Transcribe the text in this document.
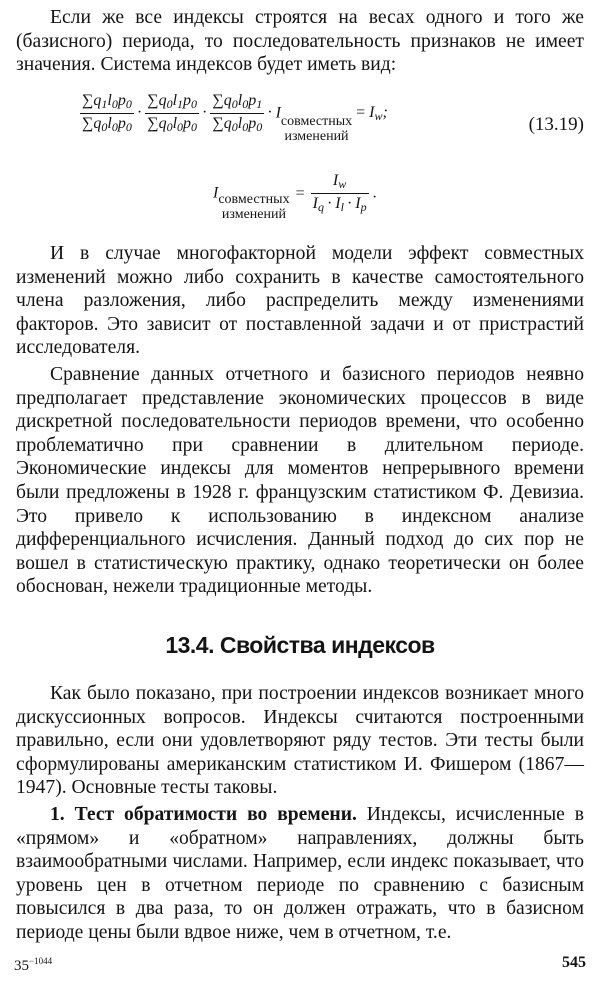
Если же все индексы строятся на весах одного и того же (базисного) периода, то последовательность признаков не имеет значения. Система индексов будет иметь вид:

$\frac{\sum q_1l_0p_0}{\sum q_0l_0p_0} \cdot \frac{\sum q_0l_1p_0}{\sum q_0l_0p_0} \cdot \frac{\sum q_0l_0p_1}{\sum q_0l_0p_0}$ · Iсовместных
изменений = $I_w$;
(13.19)
Iсовместных
изменений= $\frac{I_w}{I_q \cdot I_l \cdot I_p}$ .

И в случае многофакторной модели эффект совместных изменений можно либо сохранить в качестве самостоятельного члена разложения, либо распределить между изменениями факторов. Это зависит от поставленной задачи и от пристрастий исследователя.

Сравнение данных отчетного и базисного периодов неявно предполагает представление экономических процессов в виде дискретной последовательности периодов времени, что особенно проблематично при сравнении в длительном периоде. Экономические индексы для моментов непрерывного времени были предложены в 1928 г. французским статистиком Ф. Девизиа. Это привело к использованию в индексном анализе дифференциального исчисления. Данный подход до сих пор не вошел в статистическую практику, однако теоретически он более обоснован, нежели традиционные методы.

13.4. Свойства индексов

Как было показано, при построении индексов возникает много дискуссионных вопросов. Индексы считаются построенными правильно, если они удовлетворяют ряду тестов. Эти тесты были сформулированы американским статистиком И. Фишером (1867—1947). Основные тесты таковы.

1. Тест обратимости во времени. Индексы, исчисленные в «прямом» и «обратном» направлениях, должны быть взаимообратными числами. Например, если индекс показывает, что уровень цен в отчетном периоде по сравнению с базисным повысился в два раза, то он должен отражать, что в базисном периоде цены были вдвое ниже, чем в отчетном, т.е.

$35^{-1044}$	545
